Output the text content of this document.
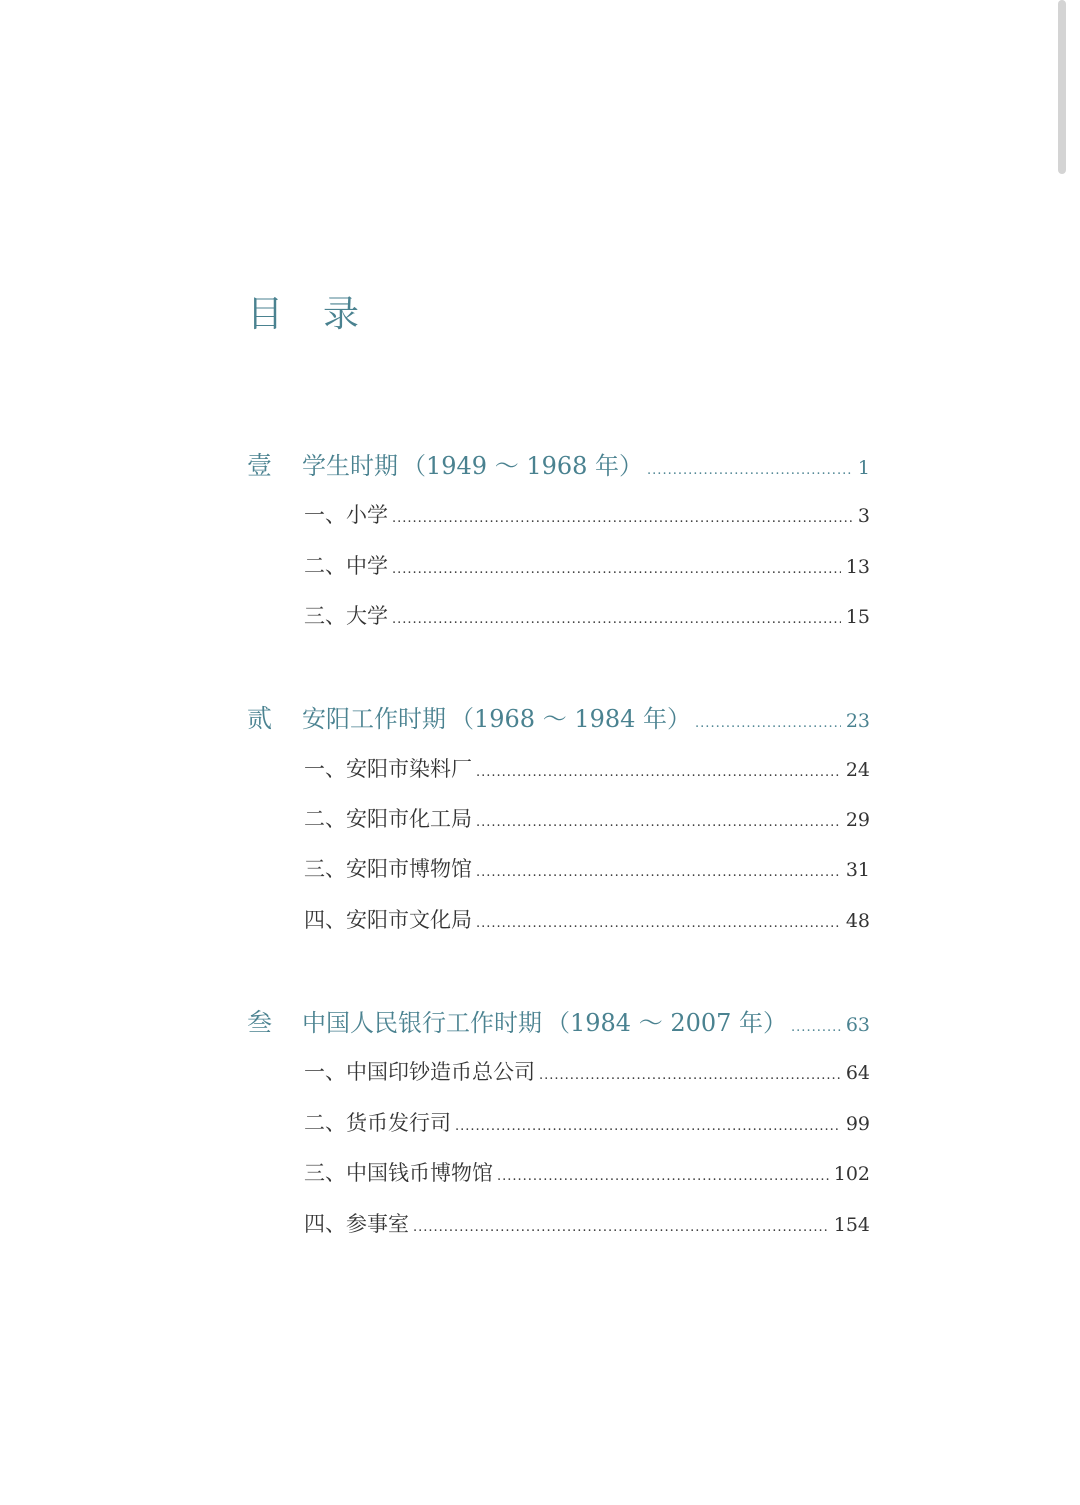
目 录
壹 学生时期 （1949 ～ 1968 年） .....	1
一、小学 .....	3
二、中学 .....	13
三、大学 .....	15
贰 安阳工作时期 （1968 ～ 1984 年） .....	23
一、安阳市染料厂 .....	24
二、安阳市化工局 .....	29
三、安阳市博物馆 .....	31
四、安阳市文化局 .....	48
叁 中国人民银行工作时期 （1984 ～ 2007 年） .....	63
一、中国印钞造币总公司 .....	64
二、货币发行司 .....	99
三、中国钱币博物馆 .....	102
四、参事室 .....	154
